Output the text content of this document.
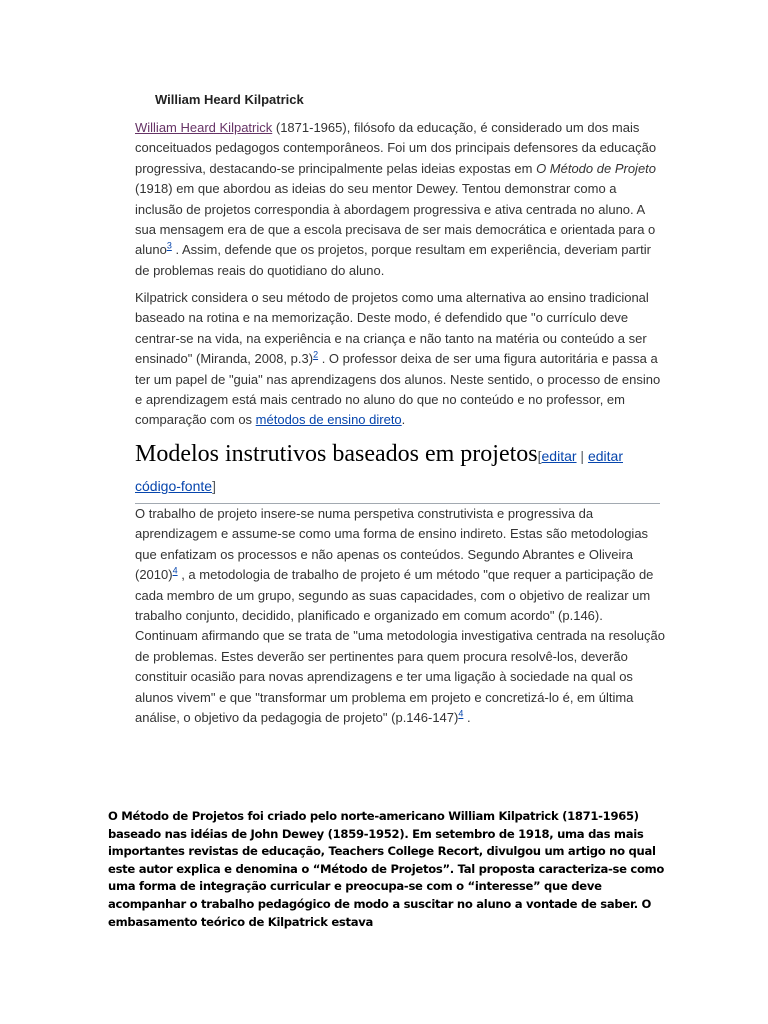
William Heard Kilpatrick
William Heard Kilpatrick (1871-1965), filósofo da educação, é considerado um dos mais conceituados pedagogos contemporâneos. Foi um dos principais defensores da educação progressiva, destacando-se principalmente pelas ideias expostas em O Método de Projeto (1918) em que abordou as ideias do seu mentor Dewey. Tentou demonstrar como a inclusão de projetos correspondia à abordagem progressiva e ativa centrada no aluno. A sua mensagem era de que a escola precisava de ser mais democrática e orientada para o aluno$^3$ . Assim, defende que os projetos, porque resultam em experiência, deveriam partir de problemas reais do quotidiano do aluno.
Kilpatrick considera o seu método de projetos como uma alternativa ao ensino tradicional baseado na rotina e na memorização. Deste modo, é defendido que "o currículo deve centrar-se na vida, na experiência e na criança e não tanto na matéria ou conteúdo a ser ensinado" (Miranda, 2008, p.3)$^2$ . O professor deixa de ser uma figura autoritária e passa a ter um papel de "guia" nas aprendizagens dos alunos. Neste sentido, o processo de ensino e aprendizagem está mais centrado no aluno do que no conteúdo e no professor, em comparação com os métodos de ensino direto.
Modelos instrutivos baseados em projetos[editar | editar código-fonte]
O trabalho de projeto insere-se numa perspetiva construtivista e progressiva da aprendizagem e assume-se como uma forma de ensino indireto. Estas são metodologias que enfatizam os processos e não apenas os conteúdos. Segundo Abrantes e Oliveira (2010)$^4$ , a metodologia de trabalho de projeto é um método "que requer a participação de cada membro de um grupo, segundo as suas capacidades, com o objetivo de realizar um trabalho conjunto, decidido, planificado e organizado em comum acordo" (p.146). Continuam afirmando que se trata de "uma metodologia investigativa centrada na resolução de problemas. Estes deverão ser pertinentes para quem procura resolvê-los, deverão constituir ocasião para novas aprendizagens e ter uma ligação à sociedade na qual os alunos vivem" e que "transformar um problema em projeto e concretizá-lo é, em última análise, o objetivo da pedagogia de projeto" (p.146-147)$^4$ .
O Método de Projetos foi criado pelo norte-americano William Kilpatrick (1871-1965) baseado nas idéias de John Dewey (1859-1952). Em setembro de 1918, uma das mais importantes revistas de educação, Teachers College Recort, divulgou um artigo no qual este autor explica e denomina o “Método de Projetos”. Tal proposta caracteriza-se como uma forma de integração curricular e preocupa-se com o “interesse” que deve acompanhar o trabalho pedagógico de modo a suscitar no aluno a vontade de saber. O embasamento teórico de Kilpatrick estava
